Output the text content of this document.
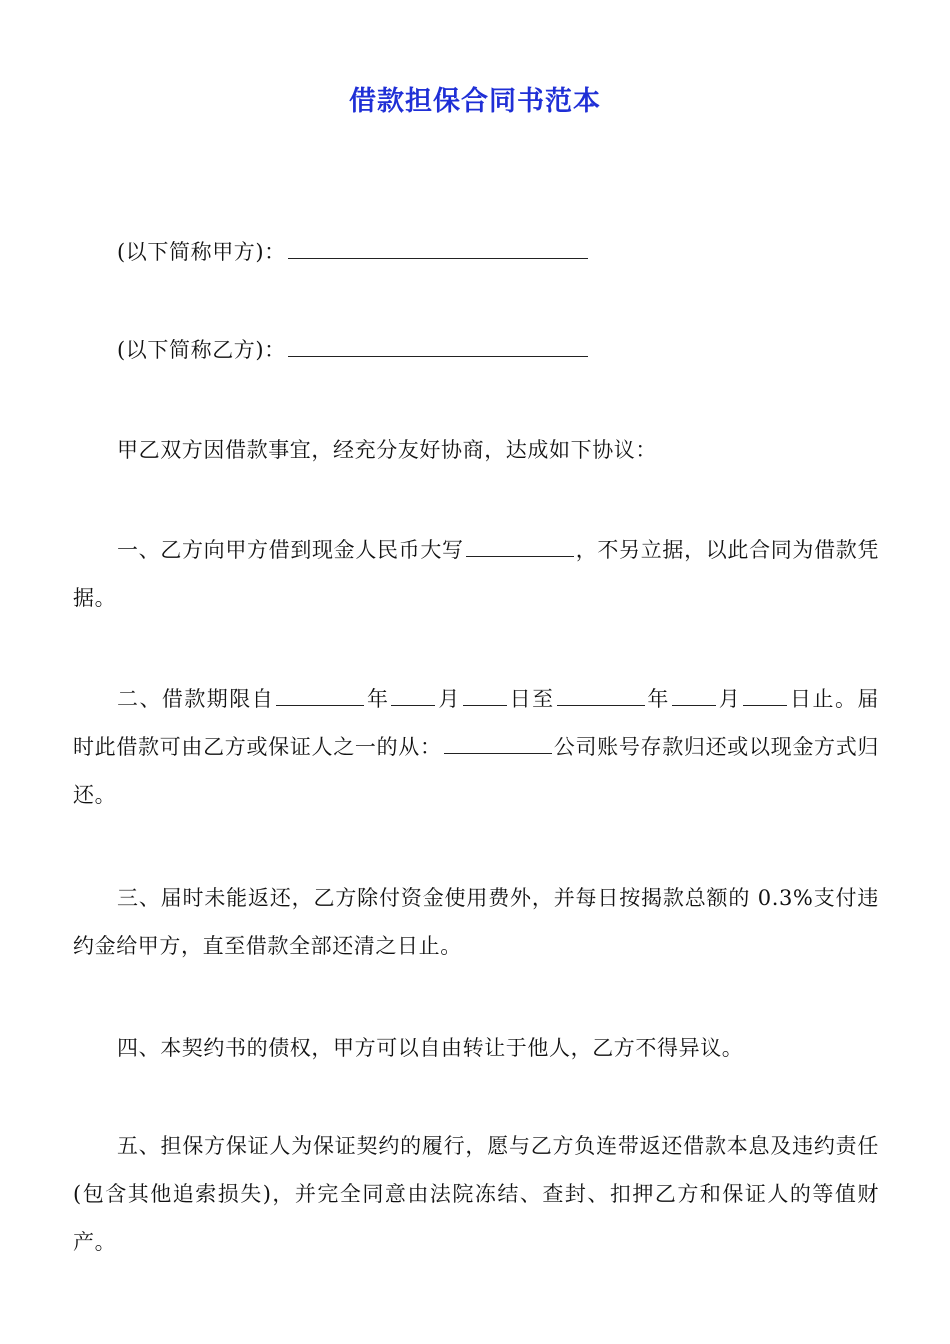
借款担保合同书范本

(以下简称甲方)：

(以下简称乙方)：

甲乙双方因借款事宜，经充分友好协商，达成如下协议：

一、乙方向甲方借到现金人民币大写	，不另立据，以此合同为借款凭据。

二、借款期限自	年 月 日至	年 月 日止。届时此借款可由乙方或保证人之一的从：	公司账号存款归还或以现金方式归还。

三、届时未能返还，乙方除付资金使用费外，并每日按揭款总额的 0.3%支付违约金给甲方，直至借款全部还清之日止。

四、本契约书的债权，甲方可以自由转让于他人，乙方不得异议。

五、担保方保证人为保证契约的履行，愿与乙方负连带返还借款本息及违约责任(包含其他追索损失)，并完全同意由法院冻结、查封、扣押乙方和保证人的等值财产。
